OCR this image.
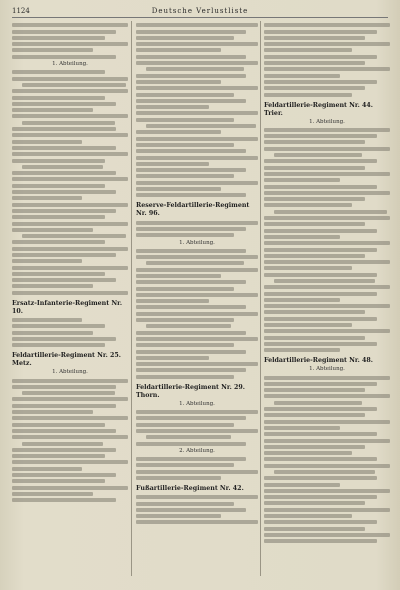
1124	Deutsche Verlustliste
1. Abteilung.
Ersatz-Infanterie-Regiment Nr. 10.
Feldartillerie-Regiment Nr. 25. Metz.
1. Abteilung.
Reserve-Feldartillerie-Regiment Nr. 96.
1. Abteilung.
Feldartillerie-Regiment Nr. 29. Thorn.
1. Abteilung.
2. Abteilung.
Fußartillerie-Regiment Nr. 42.
Feldartillerie-Regiment Nr. 44. Trier.
1. Abteilung.
Feldartillerie-Regiment Nr. 48.
1. Abteilung.
